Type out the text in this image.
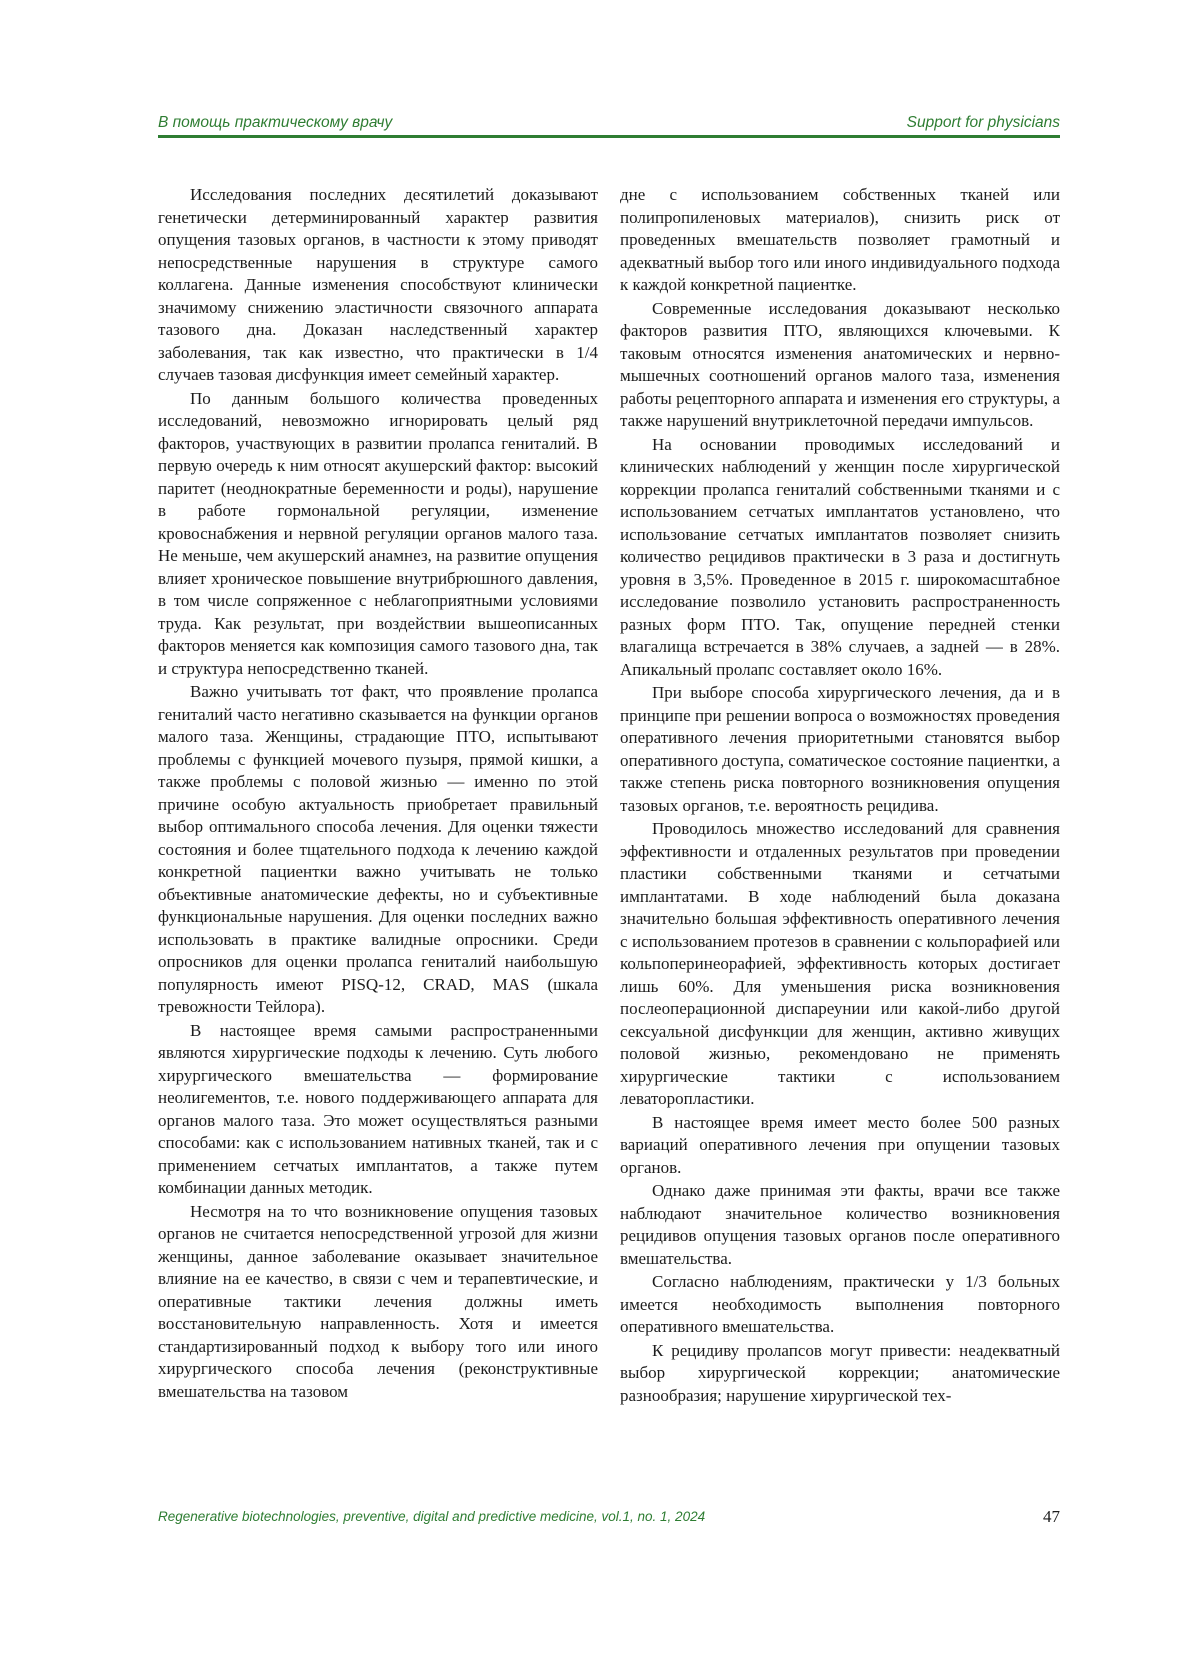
В помощь практическому врачу	Support for physicians

Исследования последних десятилетий доказывают генетически детерминированный характер развития опущения тазовых органов, в частности к этому приводят непосредственные нарушения в структуре самого коллагена. Данные изменения способствуют клинически значимому снижению эластичности связочного аппарата тазового дна. Доказан наследственный характер заболевания, так как известно, что практически в 1/4 случаев тазовая дисфункция имеет семейный характер.

По данным большого количества проведенных исследований, невозможно игнорировать целый ряд факторов, участвующих в развитии пролапса гениталий. В первую очередь к ним относят акушерский фактор: высокий паритет (неоднократные беременности и роды), нарушение в работе гормональной регуляции, изменение кровоснабжения и нервной регуляции органов малого таза. Не меньше, чем акушерский анамнез, на развитие опущения влияет хроническое повышение внутрибрюшного давления, в том числе сопряженное с неблагоприятными условиями труда. Как результат, при воздействии вышеописанных факторов меняется как композиция самого тазового дна, так и структура непосредственно тканей.

Важно учитывать тот факт, что проявление пролапса гениталий часто негативно сказывается на функции органов малого таза. Женщины, страдающие ПТО, испытывают проблемы с функцией мочевого пузыря, прямой кишки, а также проблемы с половой жизнью — именно по этой причине особую актуальность приобретает правильный выбор оптимального способа лечения. Для оценки тяжести состояния и более тщательного подхода к лечению каждой конкретной пациентки важно учитывать не только объективные анатомические дефекты, но и субъективные функциональные нарушения. Для оценки последних важно использовать в практике валидные опросники. Среди опросников для оценки пролапса гениталий наибольшую популярность имеют PISQ-12, CRAD, MAS (шкала тревожности Тейлора).

В настоящее время самыми распространенными являются хирургические подходы к лечению. Суть любого хирургического вмешательства — формирование неолигементов, т.е. нового поддерживающего аппарата для органов малого таза. Это может осуществляться разными способами: как с использованием нативных тканей, так и с применением сетчатых имплантатов, а также путем комбинации данных методик.

Несмотря на то что возникновение опущения тазовых органов не считается непосредственной угрозой для жизни женщины, данное заболевание оказывает значительное влияние на ее качество, в связи с чем и терапевтические, и оперативные тактики лечения должны иметь восстановительную направленность. Хотя и имеется стандартизированный подход к выбору того или иного хирургического способа лечения (реконструктивные вмешательства на тазовом

дне с использованием собственных тканей или полипропиленовых материалов), снизить риск от проведенных вмешательств позволяет грамотный и адекватный выбор того или иного индивидуального подхода к каждой конкретной пациентке.

Современные исследования доказывают несколько факторов развития ПТО, являющихся ключевыми. К таковым относятся изменения анатомических и нервно-мышечных соотношений органов малого таза, изменения работы рецепторного аппарата и изменения его структуры, а также нарушений внутриклеточной передачи импульсов.

На основании проводимых исследований и клинических наблюдений у женщин после хирургической коррекции пролапса гениталий собственными тканями и с использованием сетчатых имплантатов установлено, что использование сетчатых имплантатов позволяет снизить количество рецидивов практически в 3 раза и достигнуть уровня в 3,5%. Проведенное в 2015 г. широкомасштабное исследование позволило установить распространенность разных форм ПТО. Так, опущение передней стенки влагалища встречается в 38% случаев, а задней — в 28%. Апикальный пролапс составляет около 16%.

При выборе способа хирургического лечения, да и в принципе при решении вопроса о возможностях проведения оперативного лечения приоритетными становятся выбор оперативного доступа, соматическое состояние пациентки, а также степень риска повторного возникновения опущения тазовых органов, т.е. вероятность рецидива.

Проводилось множество исследований для сравнения эффективности и отдаленных результатов при проведении пластики собственными тканями и сетчатыми имплантатами. В ходе наблюдений была доказана значительно большая эффективность оперативного лечения с использованием протезов в сравнении с кольпорафией или кольпоперинеорафией, эффективность которых достигает лишь 60%. Для уменьшения риска возникновения послеоперационной диспареунии или какой-либо другой сексуальной дисфункции для женщин, активно живущих половой жизнью, рекомендовано не применять хирургические тактики с использованием леваторопластики.

В настоящее время имеет место более 500 разных вариаций оперативного лечения при опущении тазовых органов.

Однако даже принимая эти факты, врачи все также наблюдают значительное количество возникновения рецидивов опущения тазовых органов после оперативного вмешательства.

Согласно наблюдениям, практически у 1/3 больных имеется необходимость выполнения повторного оперативного вмешательства.

К рецидиву пролапсов могут привести: неадекватный выбор хирургической коррекции; анатомические разнообразия; нарушение хирургической тех-

Regenerative biotechnologies, preventive, digital and predictive medicine, vol.1, no. 1, 2024	47
